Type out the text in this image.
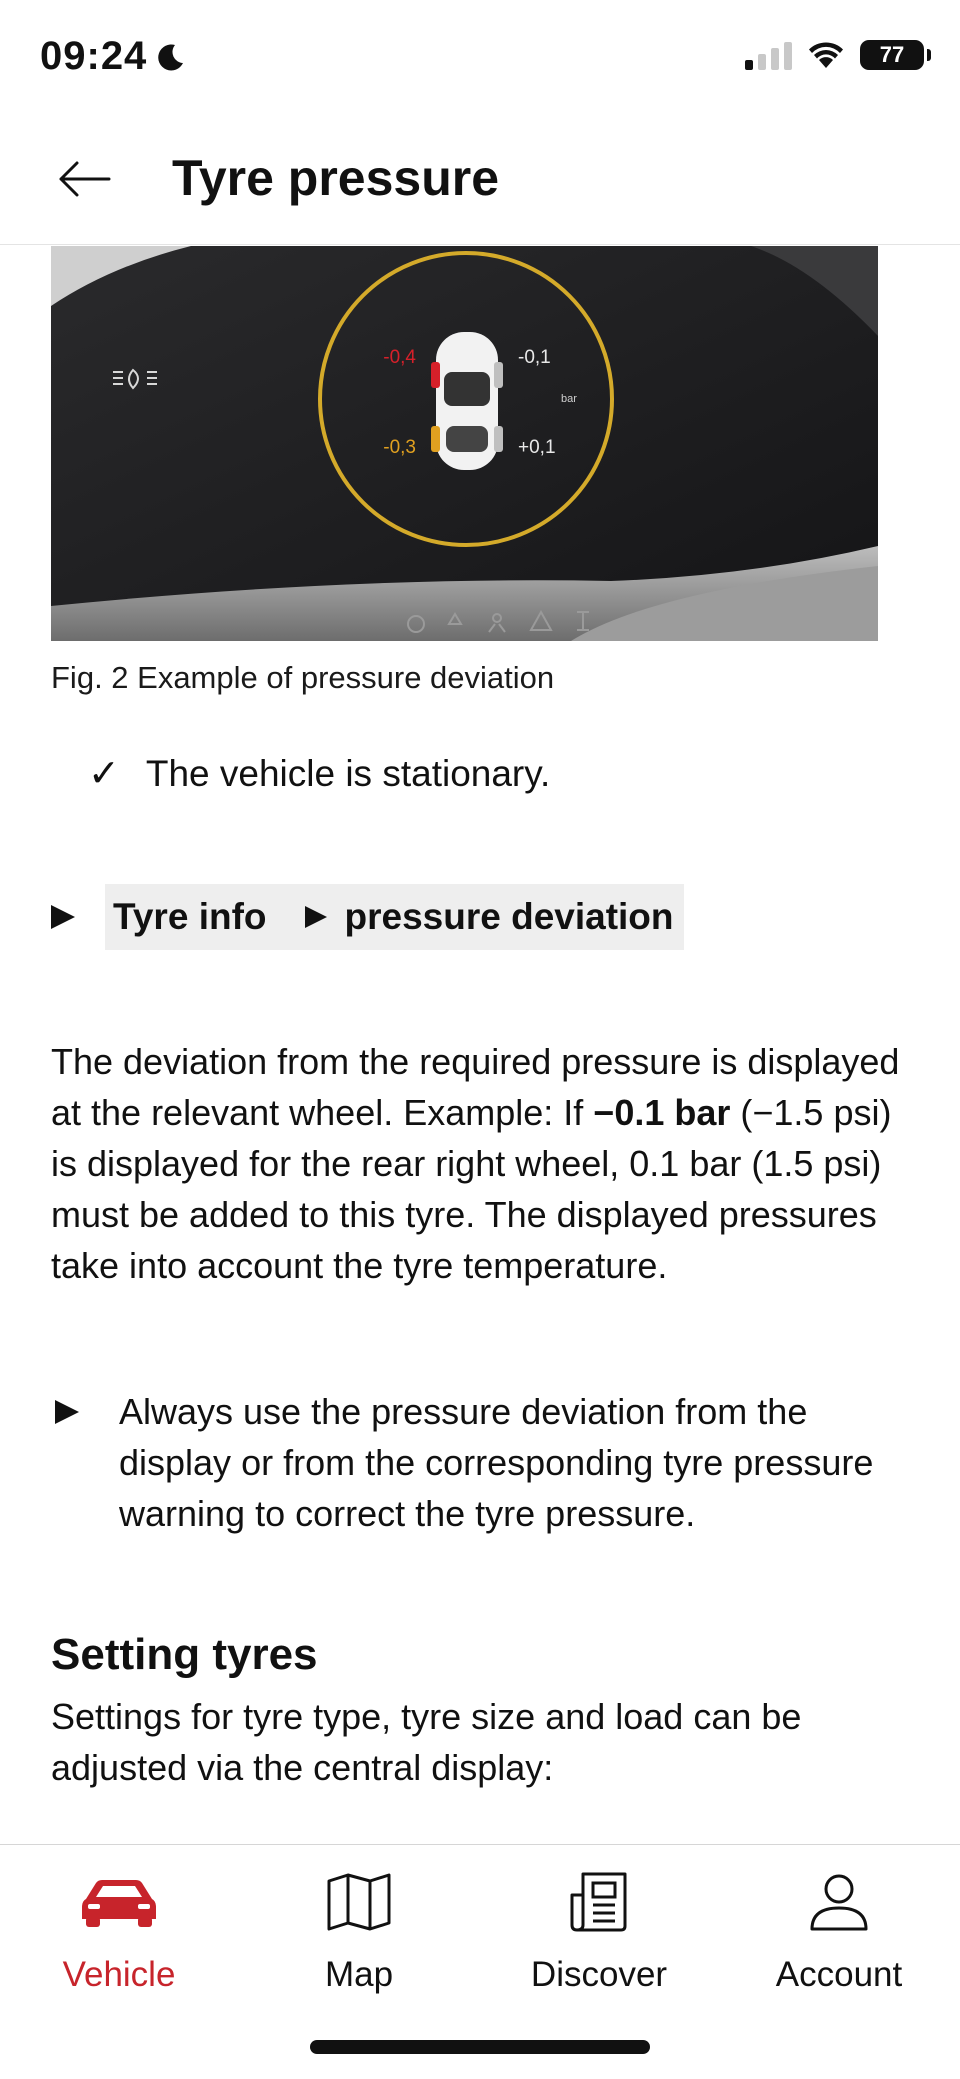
09:24	77
Tyre pressure
-0,4	-0,1
-0,3	+0,1
bar
Fig. 2 Example of pressure deviation
✓ The vehicle is stationary.
Tyre info pressure deviation

The deviation from the required pressure is displayed at the relevant wheel. Example: If −0.1 bar (−1.5 psi) is displayed for the rear right wheel, 0.1 bar (1.5 psi) must be added to this tyre. The displayed pressures take into account the tyre temperature.

Always use the pressure deviation from the display or from the corresponding tyre pressure warning to correct the tyre pressure.

Setting tyres

Settings for tyre type, tyre size and load can be adjusted via the central display:

Vehicle	Map	Discover	Account
